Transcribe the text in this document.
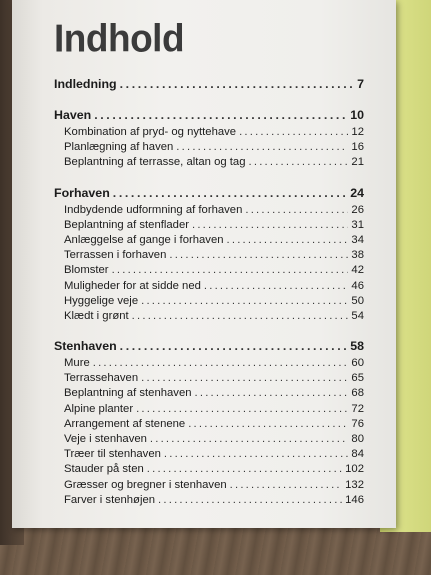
Indhold
Indledning .....	7
Haven .....	10
Kombination af pryd- og nyttehave .....	12
Planlægning af haven .....	16
Beplantning af terrasse, altan og tag .....	21
Forhaven .....	24
Indbydende udformning af forhaven .....	26
Beplantning af stenflader .....	31
Anlæggelse af gange i forhaven .....	34
Terrassen i forhaven .....	38
Blomster .....	42
Muligheder for at sidde ned .....	46
Hyggelige veje .....	50
Klædt i grønt .....	54
Stenhaven .....	58
Mure .....	60
Terrassehaven .....	65
Beplantning af stenhaven .....	68
Alpine planter .....	72
Arrangement af stenene .....	76
Veje i stenhaven .....	80
Træer til stenhaven .....	84
Stauder på sten .....	102
Græsser og bregner i stenhaven .....	132
Farver i stenhøjen .....	146
